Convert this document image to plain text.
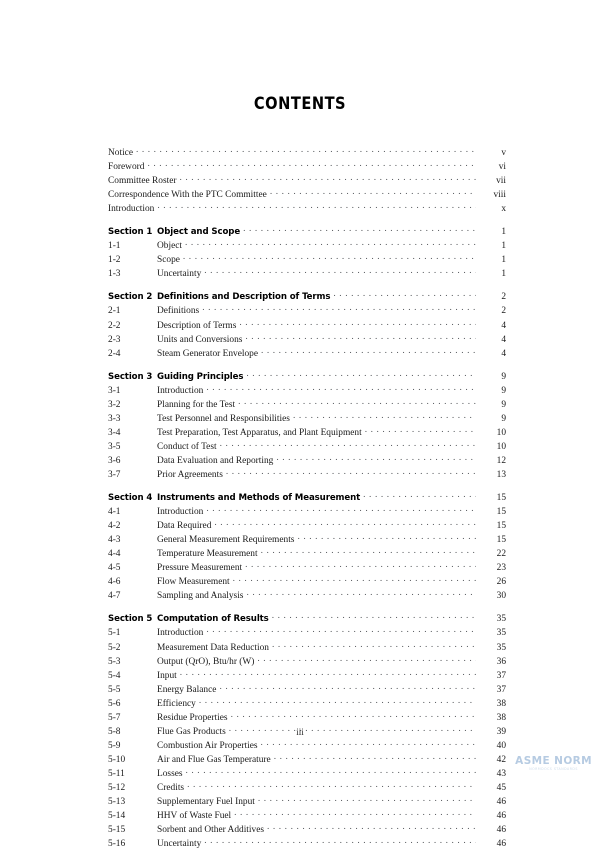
CONTENTS
Notice . . .	v
Foreword . . .	vi
Committee Roster . . .	vii
Correspondence With the PTC Committee . . .	viii
Introduction . . .	x
Section 1 Object and Scope . . .	1
1-1	Object . . .	1
1-2	Scope . . .	1
1-3	Uncertainty . . .	1
Section 2 Definitions and Description of Terms . . .	2
2-1	Definitions . . .	2
2-2	Description of Terms . . .	4
2-3	Units and Conversions . . .	4
2-4	Steam Generator Envelope . . .	4
Section 3 Guiding Principles . . .	9
3-1	Introduction . . .	9
3-2	Planning for the Test . . .	9
3-3	Test Personnel and Responsibilities . . .	9
3-4	Test Preparation, Test Apparatus, and Plant Equipment . . .	10
3-5	Conduct of Test . . .	10
3-6	Data Evaluation and Reporting . . .	12
3-7	Prior Agreements . . .	13
Section 4 Instruments and Methods of Measurement . . .	15
4-1	Introduction . . .	15
4-2	Data Required . . .	15
4-3	General Measurement Requirements . . .	15
4-4	Temperature Measurement . . .	22
4-5	Pressure Measurement . . .	23
4-6	Flow Measurement . . .	26
4-7	Sampling and Analysis . . .	30
Section 5 Computation of Results . . .	35
5-1	Introduction . . .	35
5-2	Measurement Data Reduction . . .	35
5-3	Output (QrO), Btu/hr (W) . . .	36
5-4	Input . . .	37
5-5	Energy Balance . . .	37
5-6	Efficiency . . .	38
5-7	Residue Properties . . .	38
5-8	Flue Gas Products . . .	39
5-9	Combustion Air Properties . . .	40
5-10	Air and Flue Gas Temperature . . .	42
5-11	Losses . . .	43
5-12	Credits . . .	45
5-13	Supplementary Fuel Input . . .	46
5-14	HHV of Waste Fuel . . .	46
5-15	Sorbent and Other Additives . . .	46
5-16	Uncertainty . . .	46
iii
ASME NORM
NORMDOCS STANDARDS
